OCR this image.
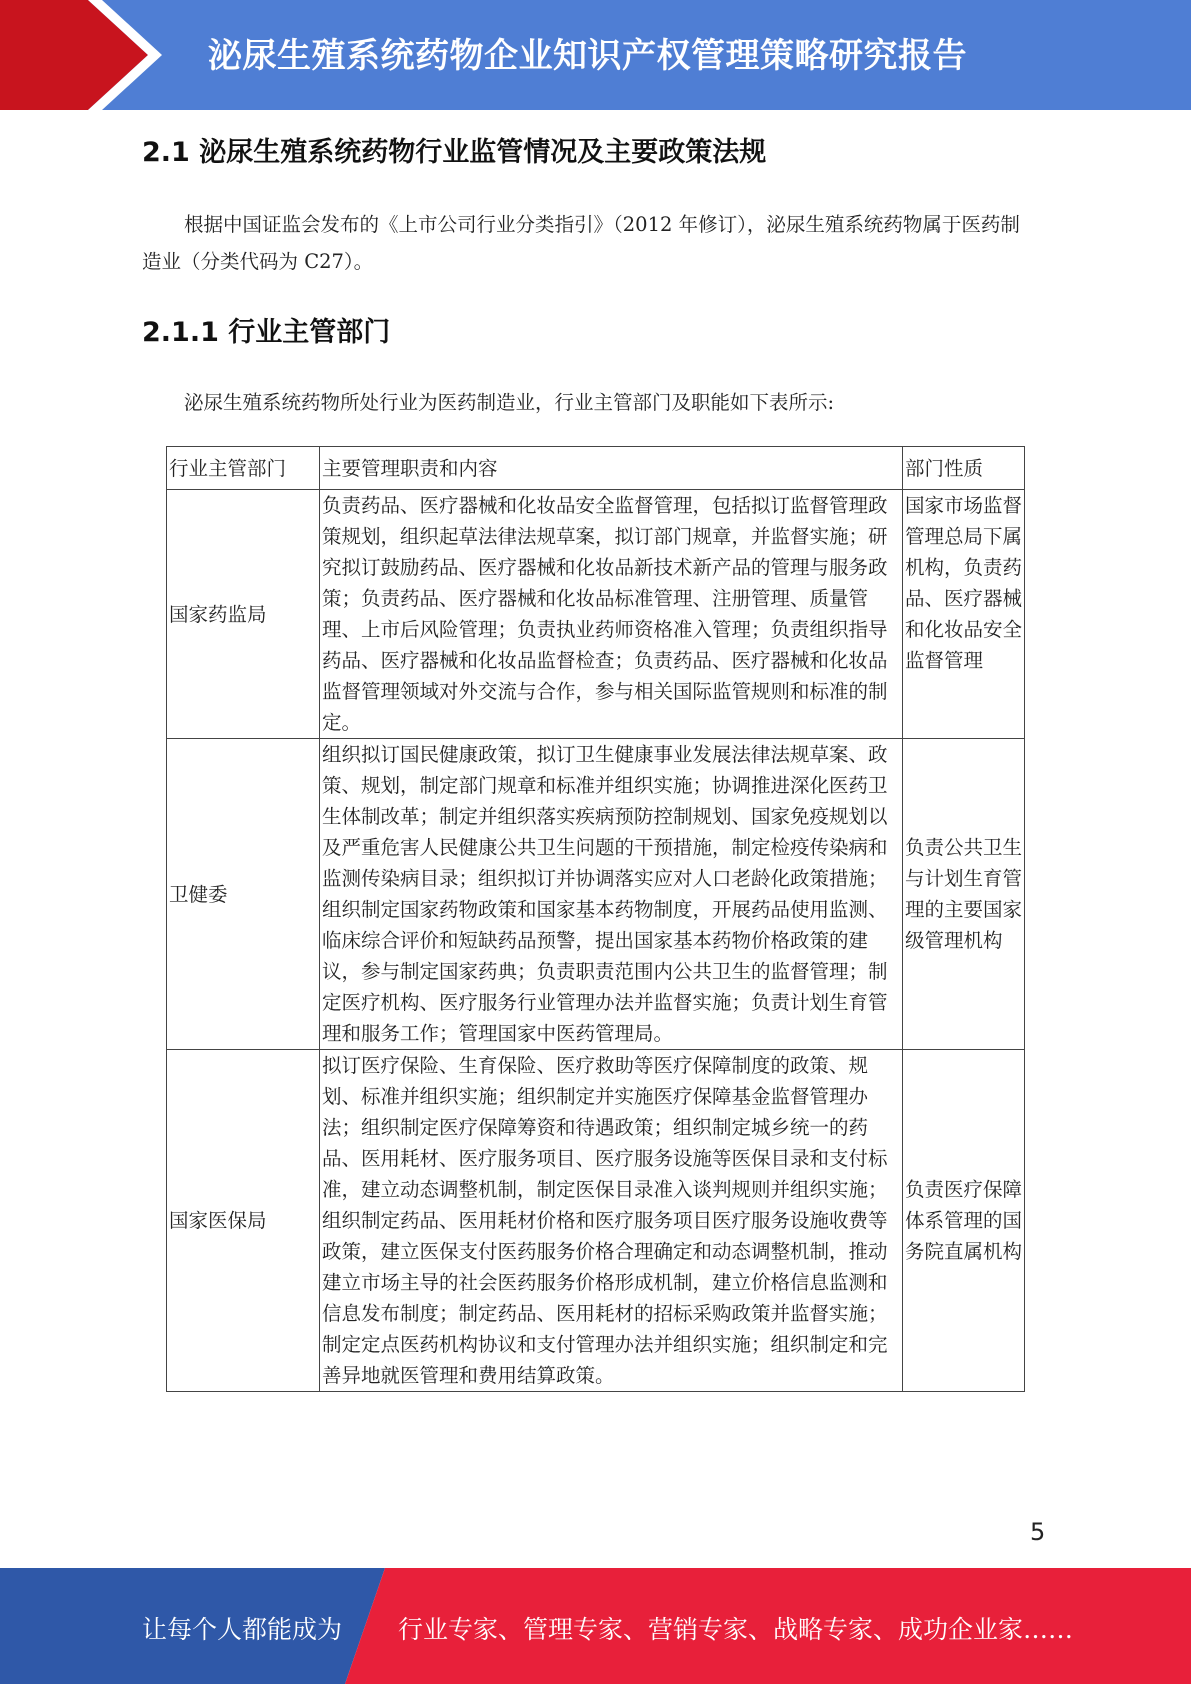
泌尿生殖系统药物企业知识产权管理策略研究报告
2.1 泌尿生殖系统药物行业监管情况及主要政策法规
根据中国证监会发布的《上市公司行业分类指引》（2012 年修订），泌尿生殖系统药物属于医药制造业（分类代码为 C27）。
2.1.1 行业主管部门
泌尿生殖系统药物所处行业为医药制造业，行业主管部门及职能如下表所示:
行业主管部门	主要管理职责和内容	部门性质
国家药监局	负责药品、医疗器械和化妆品安全监督管理，包括拟订监督管理政策规划，组织起草法律法规草案，拟订部门规章，并监督实施；研究拟订鼓励药品、医疗器械和化妆品新技术新产品的管理与服务政策；负责药品、医疗器械和化妆品标准管理、注册管理、质量管理、上市后风险管理；负责执业药师资格准入管理；负责组织指导药品、医疗器械和化妆品监督检查；负责药品、医疗器械和化妆品监督管理领域对外交流与合作，参与相关国际监管规则和标准的制定。	国家市场监督管理总局下属机构，负责药品、医疗器械和化妆品安全监督管理
卫健委	组织拟订国民健康政策，拟订卫生健康事业发展法律法规草案、政策、规划，制定部门规章和标准并组织实施；协调推进深化医药卫生体制改革；制定并组织落实疾病预防控制规划、国家免疫规划以及严重危害人民健康公共卫生问题的干预措施，制定检疫传染病和监测传染病目录；组织拟订并协调落实应对人口老龄化政策措施；组织制定国家药物政策和国家基本药物制度，开展药品使用监测、临床综合评价和短缺药品预警，提出国家基本药物价格政策的建议，参与制定国家药典；负责职责范围内公共卫生的监督管理；制定医疗机构、医疗服务行业管理办法并监督实施；负责计划生育管理和服务工作；管理国家中医药管理局。	负责公共卫生与计划生育管理的主要国家级管理机构
国家医保局	拟订医疗保险、生育保险、医疗救助等医疗保障制度的政策、规划、标准并组织实施；组织制定并实施医疗保障基金监督管理办法；组织制定医疗保障筹资和待遇政策；组织制定城乡统一的药品、医用耗材、医疗服务项目、医疗服务设施等医保目录和支付标准，建立动态调整机制，制定医保目录准入谈判规则并组织实施；组织制定药品、医用耗材价格和医疗服务项目医疗服务设施收费等政策，建立医保支付医药服务价格合理确定和动态调整机制，推动建立市场主导的社会医药服务价格形成机制，建立价格信息监测和信息发布制度；制定药品、医用耗材的招标采购政策并监督实施；制定定点医药机构协议和支付管理办法并组织实施；组织制定和完善异地就医管理和费用结算政策。	负责医疗保障体系管理的国务院直属机构
5
让每个人都能成为 行业专家、管理专家、营销专家、战略专家、成功企业家……
